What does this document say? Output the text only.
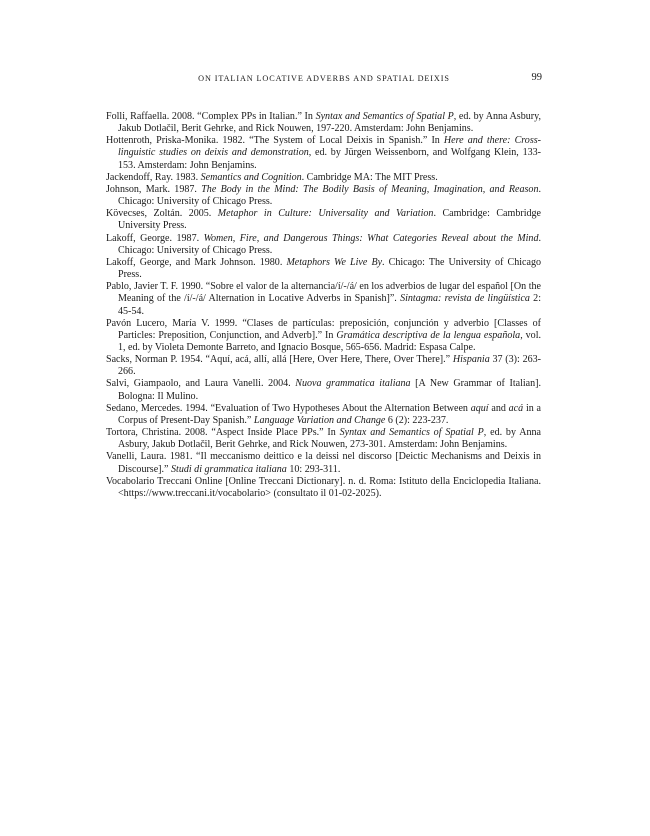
ON ITALIAN LOCATIVE ADVERBS AND SPATIAL DEIXIS	99

Folli, Raffaella. 2008. “Complex PPs in Italian.” In Syntax and Semantics of Spatial P, ed. by Anna Asbury, Jakub Dotlačil, Berit Gehrke, and Rick Nouwen, 197-220. Amsterdam: John Benjamins.

Hottenroth, Priska-Monika. 1982. “The System of Local Deixis in Spanish.” In Here and there: Cross-linguistic studies on deixis and demonstration, ed. by Jürgen Weissenborn, and Wolfgang Klein, 133-153. Amsterdam: John Benjamins.

Jackendoff, Ray. 1983. Semantics and Cognition. Cambridge MA: The MIT Press.

Johnson, Mark. 1987. The Body in the Mind: The Bodily Basis of Meaning, Imagination, and Reason. Chicago: University of Chicago Press.

Kövecses, Zoltán. 2005. Metaphor in Culture: Universality and Variation. Cambridge: Cambridge University Press.

Lakoff, George. 1987. Women, Fire, and Dangerous Things: What Categories Reveal about the Mind. Chicago: University of Chicago Press.

Lakoff, George, and Mark Johnson. 1980. Metaphors We Live By. Chicago: The University of Chicago Press.

Pablo, Javier T. F. 1990. “Sobre el valor de la alternancia/í/-/á/ en los adverbios de lugar del español [On the Meaning of the /í/-/á/ Alternation in Locative Adverbs in Spanish]”. Sintagma: revista de lingüística 2: 45-54.

Pavón Lucero, María V. 1999. “Clases de partículas: preposición, conjunción y adverbio [Classes of Particles: Preposition, Conjunction, and Adverb].” In Gramática descriptiva de la lengua española, vol. 1, ed. by Violeta Demonte Barreto, and Ignacio Bosque, 565-656. Madrid: Espasa Calpe.

Sacks, Norman P. 1954. “Aquí, acá, allí, allá [Here, Over Here, There, Over There].” Hispania 37 (3): 263-266.

Salvi, Giampaolo, and Laura Vanelli. 2004. Nuova grammatica italiana [A New Grammar of Italian]. Bologna: Il Mulino.

Sedano, Mercedes. 1994. “Evaluation of Two Hypotheses About the Alternation Between aquí and acá in a Corpus of Present-Day Spanish.” Language Variation and Change 6 (2): 223-237.

Tortora, Christina. 2008. “Aspect Inside Place PPs.” In Syntax and Semantics of Spatial P, ed. by Anna Asbury, Jakub Dotlačil, Berit Gehrke, and Rick Nouwen, 273-301. Amsterdam: John Benjamins.

Vanelli, Laura. 1981. “Il meccanismo deittico e la deissi nel discorso [Deictic Mechanisms and Deixis in Discourse].” Studi di grammatica italiana 10: 293-311.

Vocabolario Treccani Online [Online Treccani Dictionary]. n. d. Roma: Istituto della Enciclopedia Italiana. <https://www.treccani.it/vocabolario> (consultato il 01-02-2025).
